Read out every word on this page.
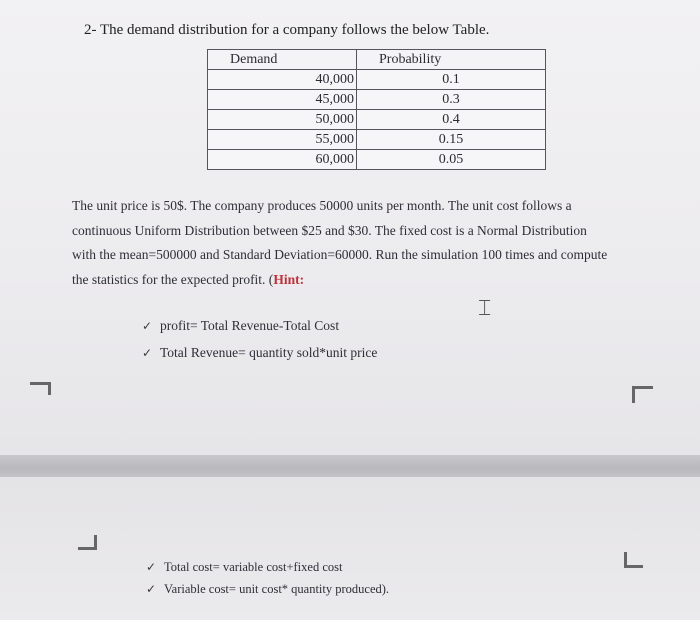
2- The demand distribution for a company follows the below Table.
Demand	Probability
40,000	0.1
45,000	0.3
50,000	0.4
55,000	0.15
60,000	0.05
The unit price is 50$. The company produces 50000 units per month. The unit cost follows a
continuous Uniform Distribution between $25 and $30. The fixed cost is a Normal Distribution
with the mean=500000 and Standard Deviation=60000. Run the simulation 100 times and compute
the statistics for the expected profit. (Hint:
⌶
✓ profit= Total Revenue-Total Cost
✓ Total Revenue= quantity sold*unit price
✓ Total cost= variable cost+fixed cost
✓ Variable cost= unit cost* quantity produced).
